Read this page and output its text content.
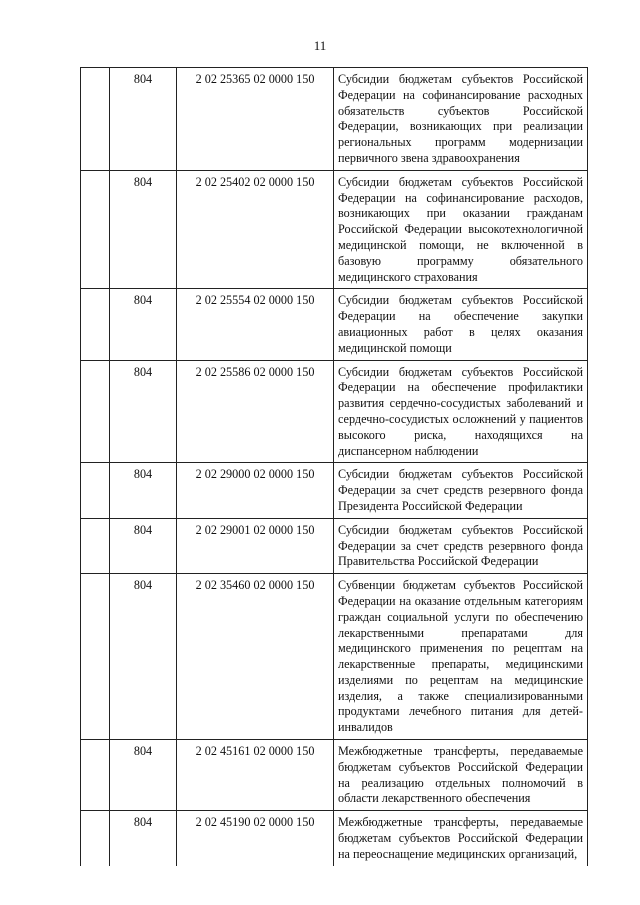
11
	804	2 02 25365 02 0000 150	Субсидии бюджетам субъектов Российской Федерации на софинансирование расходных обязательств субъектов Российской Федерации, возникающих при реализации региональных программ модернизации первичного звена здравоохранения
	804	2 02 25402 02 0000 150	Субсидии бюджетам субъектов Российской Федерации на софинансирование расходов, возникающих при оказании гражданам Российской Федерации высокотехнологичной медицинской помощи, не включенной в базовую программу обязательного медицинского страхования
	804	2 02 25554 02 0000 150	Субсидии бюджетам субъектов Российской Федерации на обеспечение закупки авиационных работ в целях оказания медицинской помощи
	804	2 02 25586 02 0000 150	Субсидии бюджетам субъектов Российской Федерации на обеспечение профилактики развития сердечно-сосудистых заболеваний и сердечно-сосудистых осложнений у пациентов высокого риска, находящихся на диспансерном наблюдении
	804	2 02 29000 02 0000 150	Субсидии бюджетам субъектов Российской Федерации за счет средств резервного фонда Президента Российской Федерации
	804	2 02 29001 02 0000 150	Субсидии бюджетам субъектов Российской Федерации за счет средств резервного фонда Правительства Российской Федерации
	804	2 02 35460 02 0000 150	Субвенции бюджетам субъектов Российской Федерации на оказание отдельным категориям граждан социальной услуги по обеспечению лекарственными препаратами для медицинского применения по рецептам на лекарственные препараты, медицинскими изделиями по рецептам на медицинские изделия, а также специализированными продуктами лечебного питания для детей-инвалидов
	804	2 02 45161 02 0000 150	Межбюджетные трансферты, передаваемые бюджетам субъектов Российской Федерации на реализацию отдельных полномочий в области лекарственного обеспечения
	804	2 02 45190 02 0000 150	Межбюджетные трансферты, передаваемые бюджетам субъектов Российской Федерации на переоснащение медицинских организаций,
